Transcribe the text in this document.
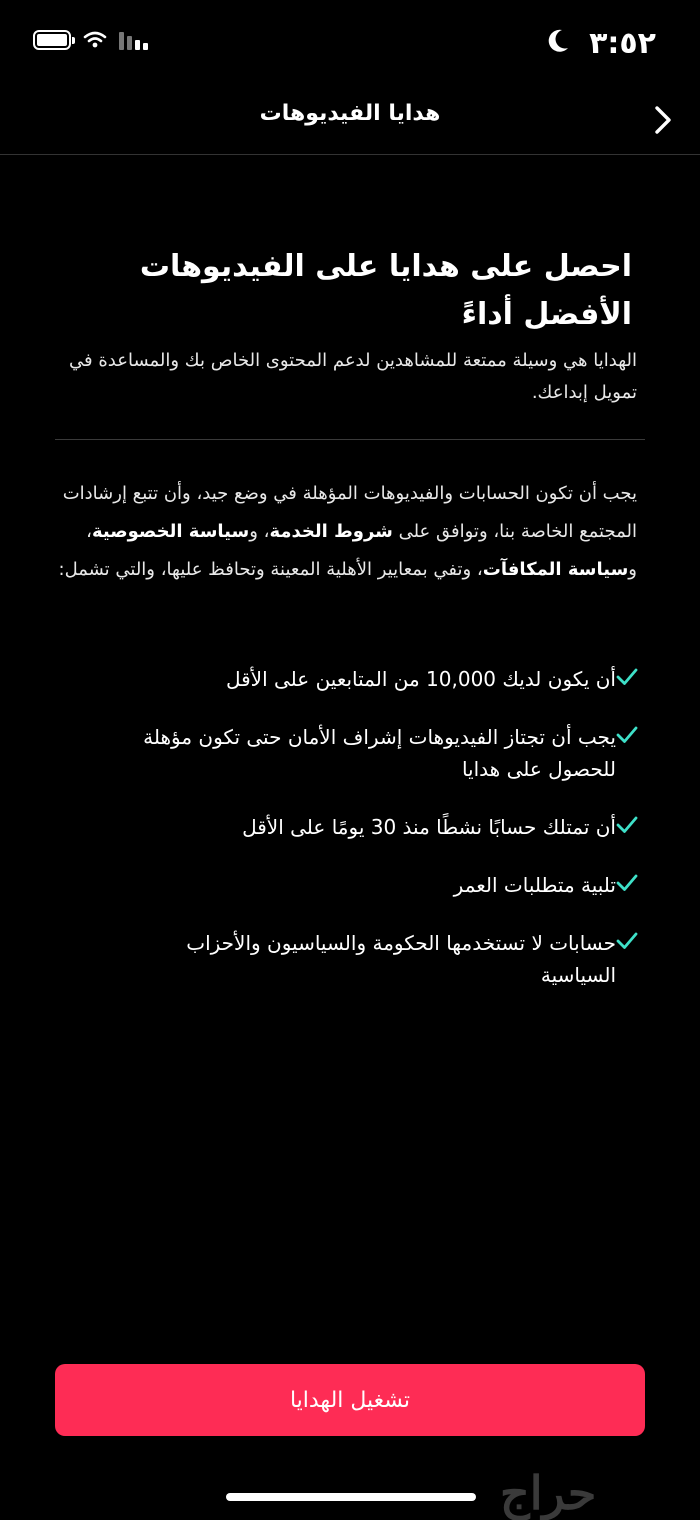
٣:٥٢
هدايا الفيديوهات
احصل على هدايا على الفيديوهات الأفضل أداءً
الهدايا هي وسيلة ممتعة للمشاهدين لدعم المحتوى الخاص بك والمساعدة في تمويل إبداعك.
يجب أن تكون الحسابات والفيديوهات المؤهلة في وضع جيد، وأن تتبع إرشادات المجتمع الخاصة بنا، وتوافق على شروط الخدمة، وسياسة الخصوصية، وسياسة المكافآت، وتفي بمعايير الأهلية المعينة وتحافظ عليها، والتي تشمل:
أن يكون لديك 10,000 من المتابعين على الأقل
يجب أن تجتاز الفيديوهات إشراف الأمان حتى تكون مؤهلة للحصول على هدايا
أن تمتلك حسابًا نشطًا منذ 30 يومًا على الأقل
تلبية متطلبات العمر
حسابات لا تستخدمها الحكومة والسياسيون والأحزاب السياسية
تشغيل الهدايا
حراج
